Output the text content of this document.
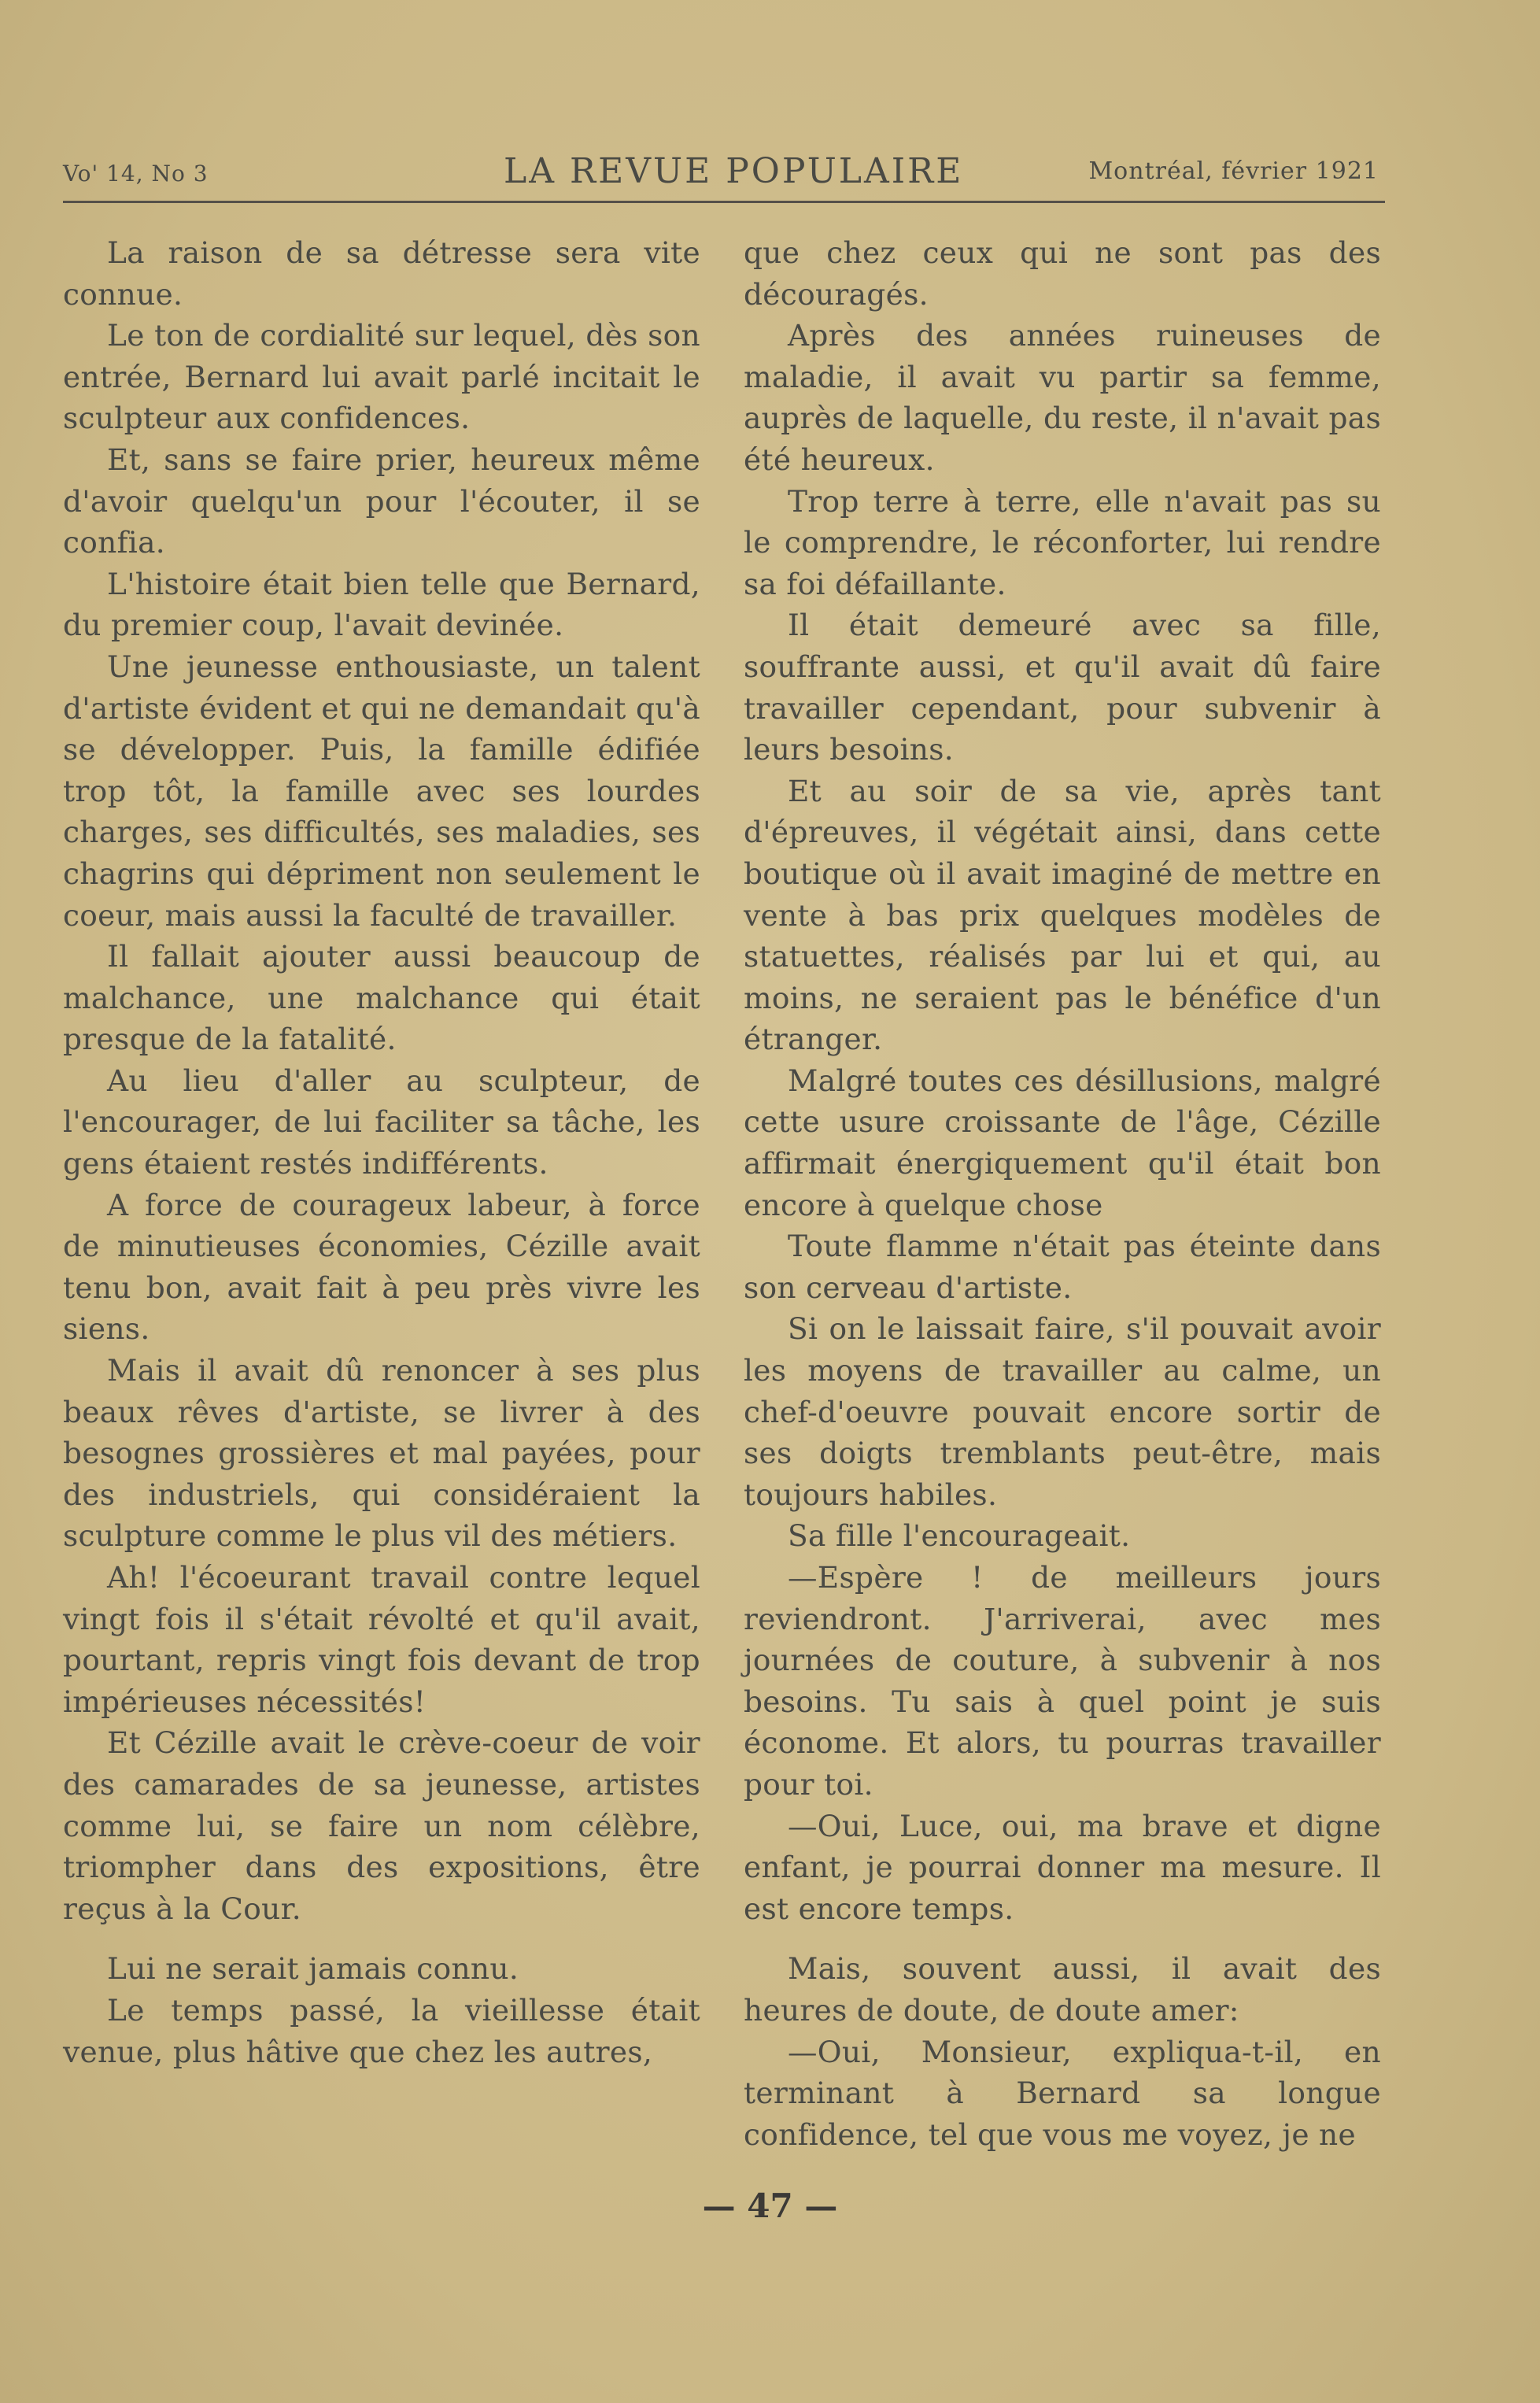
Vo' 14, No 3	LA REVUE POPULAIRE	Montréal, février 1921

La raison de sa détresse sera vite connue.

Le ton de cordialité sur lequel, dès son entrée, Bernard lui avait parlé incitait le sculpteur aux confidences.

Et, sans se faire prier, heureux même d'avoir quelqu'un pour l'écouter, il se confia.

L'histoire était bien telle que Bernard, du premier coup, l'avait devinée.

Une jeunesse enthousiaste, un talent d'artiste évident et qui ne demandait qu'à se développer. Puis, la famille édifiée trop tôt, la famille avec ses lourdes charges, ses difficultés, ses maladies, ses chagrins qui dépriment non seulement le coeur, mais aussi la faculté de travailler.

Il fallait ajouter aussi beaucoup de malchance, une malchance qui était presque de la fatalité.

Au lieu d'aller au sculpteur, de l'encourager, de lui faciliter sa tâche, les gens étaient restés indifférents.

A force de courageux labeur, à force de minutieuses économies, Cézille avait tenu bon, avait fait à peu près vivre les siens.

Mais il avait dû renoncer à ses plus beaux rêves d'artiste, se livrer à des besognes grossières et mal payées, pour des industriels, qui considéraient la sculpture comme le plus vil des métiers.

Ah! l'écoeurant travail contre lequel vingt fois il s'était révolté et qu'il avait, pourtant, repris vingt fois devant de trop impérieuses nécessités!

Et Cézille avait le crève-coeur de voir des camarades de sa jeunesse, artistes comme lui, se faire un nom célèbre, triompher dans des expositions, être reçus à la Cour.

Lui ne serait jamais connu.

Le temps passé, la vieillesse était venue, plus hâtive que chez les autres,

que chez ceux qui ne sont pas des découragés.

Après des années ruineuses de maladie, il avait vu partir sa femme, auprès de laquelle, du reste, il n'avait pas été heureux.

Trop terre à terre, elle n'avait pas su le comprendre, le réconforter, lui rendre sa foi défaillante.

Il était demeuré avec sa fille, souffrante aussi, et qu'il avait dû faire travailler cependant, pour subvenir à leurs besoins.

Et au soir de sa vie, après tant d'épreuves, il végétait ainsi, dans cette boutique où il avait imaginé de mettre en vente à bas prix quelques modèles de statuettes, réalisés par lui et qui, au moins, ne seraient pas le bénéfice d'un étranger.

Malgré toutes ces désillusions, malgré cette usure croissante de l'âge, Cézille affirmait énergiquement qu'il était bon encore à quelque chose

Toute flamme n'était pas éteinte dans son cerveau d'artiste.

Si on le laissait faire, s'il pouvait avoir les moyens de travailler au calme, un chef-d'oeuvre pouvait encore sortir de ses doigts tremblants peut-être, mais toujours habiles.

Sa fille l'encourageait.

—Espère ! de meilleurs jours reviendront. J'arriverai, avec mes journées de couture, à subvenir à nos besoins. Tu sais à quel point je suis économe. Et alors, tu pourras travailler pour toi.

—Oui, Luce, oui, ma brave et digne enfant, je pourrai donner ma mesure. Il est encore temps.

Mais, souvent aussi, il avait des heures de doute, de doute amer:

—Oui, Monsieur, expliqua-t-il, en terminant à Bernard sa longue confidence, tel que vous me voyez, je ne

— 47 —
